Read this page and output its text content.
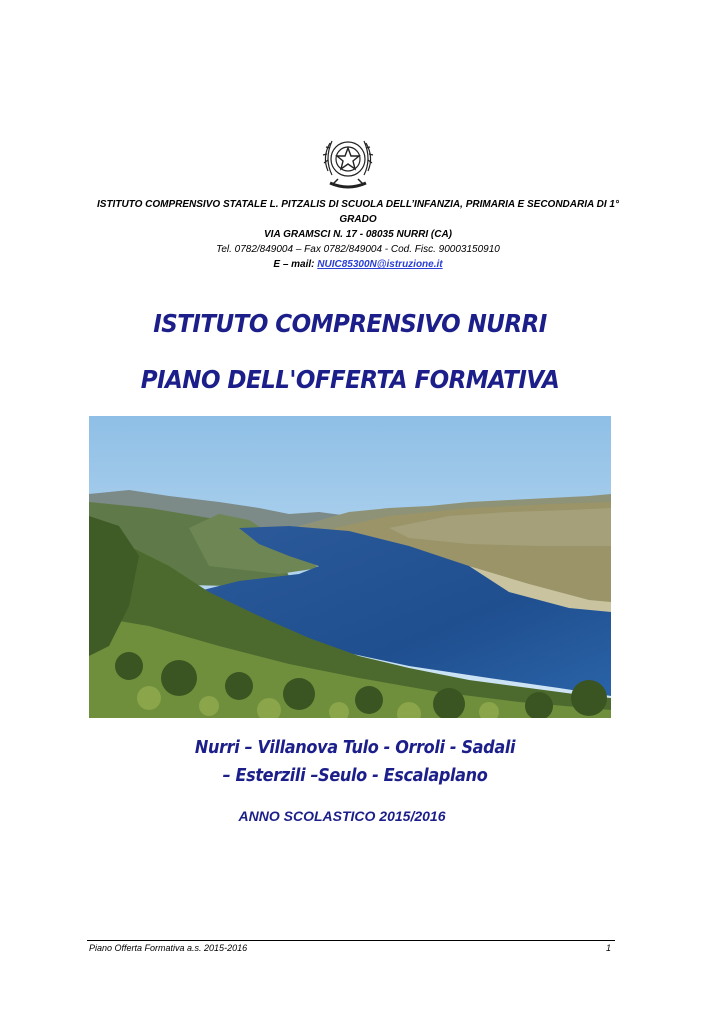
ISTITUTO COMPRENSIVO STATALE L. PITZALIS DI SCUOLA DELL’INFANZIA, PRIMARIA E SECONDARIA DI 1° GRADO
VIA GRAMSCI N. 17 - 08035 NURRI (CA)
Tel. 0782/849004 – Fax 0782/849004 - Cod. Fisc. 90003150910
E – mail: NUIC85300N@istruzione.it
ISTITUTO COMPRENSIVO NURRI
PIANO DELL'OFFERTA FORMATIVA
Nurri – Villanova Tulo - Orroli - Sadali
– Esterzili –Seulo - Escalaplano
ANNO SCOLASTICO 2015/2016
Piano Offerta Formativa a.s. 2015-2016	1
